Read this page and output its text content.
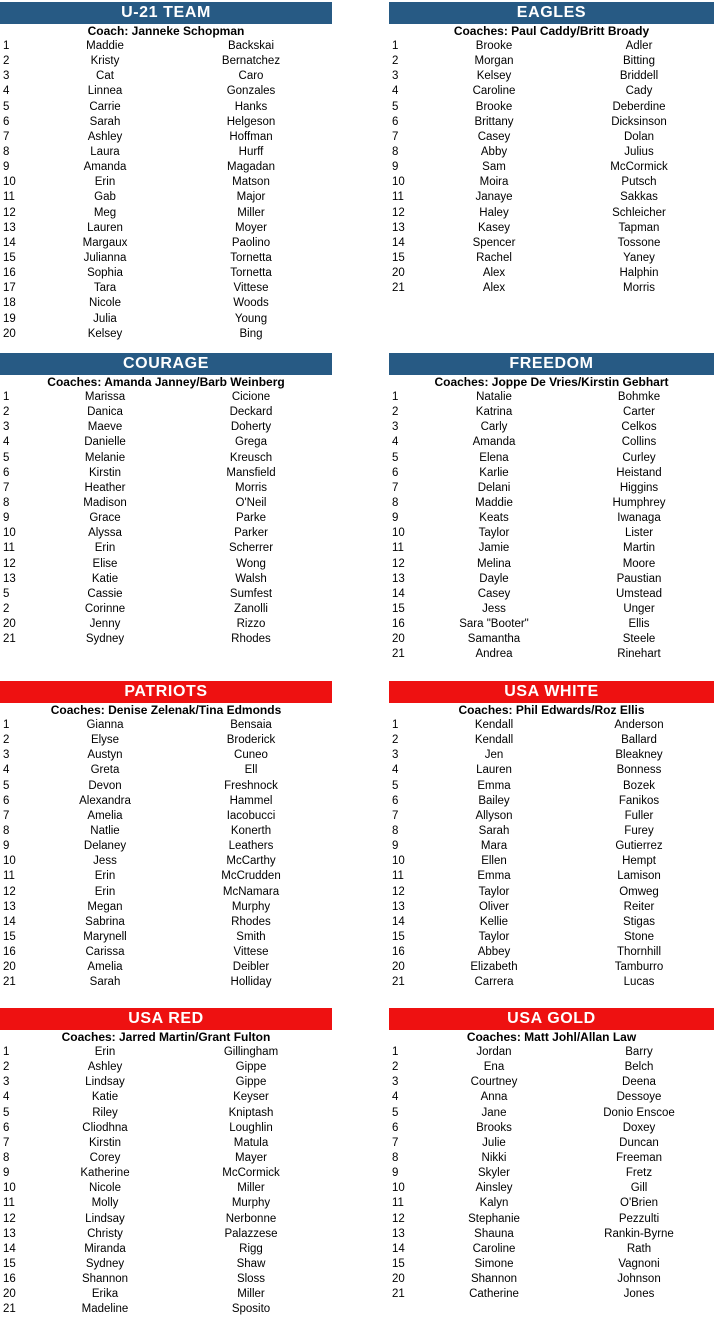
U-21 TEAM
Coach: Janneke Schopman
1	Maddie	Backskai
2	Kristy	Bernatchez
3	Cat	Caro
4	Linnea	Gonzales
5	Carrie	Hanks
6	Sarah	Helgeson
7	Ashley	Hoffman
8	Laura	Hurff
9	Amanda	Magadan
10	Erin	Matson
11	Gab	Major
12	Meg	Miller
13	Lauren	Moyer
14	Margaux	Paolino
15	Julianna	Tornetta
16	Sophia	Tornetta
17	Tara	Vittese
18	Nicole	Woods
19	Julia	Young
20	Kelsey	Bing
EAGLES
Coaches: Paul Caddy/Britt Broady
1	Brooke	Adler
2	Morgan	Bitting
3	Kelsey	Briddell
4	Caroline	Cady
5	Brooke	Deberdine
6	Brittany	Dicksinson
7	Casey	Dolan
8	Abby	Julius
9	Sam	McCormick
10	Moira	Putsch
11	Janaye	Sakkas
12	Haley	Schleicher
13	Kasey	Tapman
14	Spencer	Tossone
15	Rachel	Yaney
20	Alex	Halphin
21	Alex	Morris
COURAGE
Coaches: Amanda Janney/Barb Weinberg
1	Marissa	Cicione
2	Danica	Deckard
3	Maeve	Doherty
4	Danielle	Grega
5	Melanie	Kreusch
6	Kirstin	Mansfield
7	Heather	Morris
8	Madison	O'Neil
9	Grace	Parke
10	Alyssa	Parker
11	Erin	Scherrer
12	Elise	Wong
13	Katie	Walsh
5	Cassie	Sumfest
2	Corinne	Zanolli
20	Jenny	Rizzo
21	Sydney	Rhodes
FREEDOM
Coaches: Joppe De Vries/Kirstin Gebhart
1	Natalie	Bohmke
2	Katrina	Carter
3	Carly	Celkos
4	Amanda	Collins
5	Elena	Curley
6	Karlie	Heistand
7	Delani	Higgins
8	Maddie	Humphrey
9	Keats	Iwanaga
10	Taylor	Lister
11	Jamie	Martin
12	Melina	Moore
13	Dayle	Paustian
14	Casey	Umstead
15	Jess	Unger
16	Sara "Booter"	Ellis
20	Samantha	Steele
21	Andrea	Rinehart
PATRIOTS
Coaches: Denise Zelenak/Tina Edmonds
1	Gianna	Bensaia
2	Elyse	Broderick
3	Austyn	Cuneo
4	Greta	Ell
5	Devon	Freshnock
6	Alexandra	Hammel
7	Amelia	Iacobucci
8	Natlie	Konerth
9	Delaney	Leathers
10	Jess	McCarthy
11	Erin	McCrudden
12	Erin	McNamara
13	Megan	Murphy
14	Sabrina	Rhodes
15	Marynell	Smith
16	Carissa	Vittese
20	Amelia	Deibler
21	Sarah	Holliday
USA WHITE
Coaches: Phil Edwards/Roz Ellis
1	Kendall	Anderson
2	Kendall	Ballard
3	Jen	Bleakney
4	Lauren	Bonness
5	Emma	Bozek
6	Bailey	Fanikos
7	Allyson	Fuller
8	Sarah	Furey
9	Mara	Gutierrez
10	Ellen	Hempt
11	Emma	Lamison
12	Taylor	Omweg
13	Oliver	Reiter
14	Kellie	Stigas
15	Taylor	Stone
16	Abbey	Thornhill
20	Elizabeth	Tamburro
21	Carrera	Lucas
USA RED
Coaches: Jarred Martin/Grant Fulton
1	Erin	Gillingham
2	Ashley	Gippe
3	Lindsay	Gippe
4	Katie	Keyser
5	Riley	Kniptash
6	Cliodhna	Loughlin
7	Kirstin	Matula
8	Corey	Mayer
9	Katherine	McCormick
10	Nicole	Miller
11	Molly	Murphy
12	Lindsay	Nerbonne
13	Christy	Palazzese
14	Miranda	Rigg
15	Sydney	Shaw
16	Shannon	Sloss
20	Erika	Miller
21	Madeline	Sposito
USA GOLD
Coaches: Matt Johl/Allan Law
1	Jordan	Barry
2	Ena	Belch
3	Courtney	Deena
4	Anna	Dessoye
5	Jane	Donio Enscoe
6	Brooks	Doxey
7	Julie	Duncan
8	Nikki	Freeman
9	Skyler	Fretz
10	Ainsley	Gill
11	Kalyn	O'Brien
12	Stephanie	Pezzulti
13	Shauna	Rankin-Byrne
14	Caroline	Rath
15	Simone	Vagnoni
20	Shannon	Johnson
21	Catherine	Jones
